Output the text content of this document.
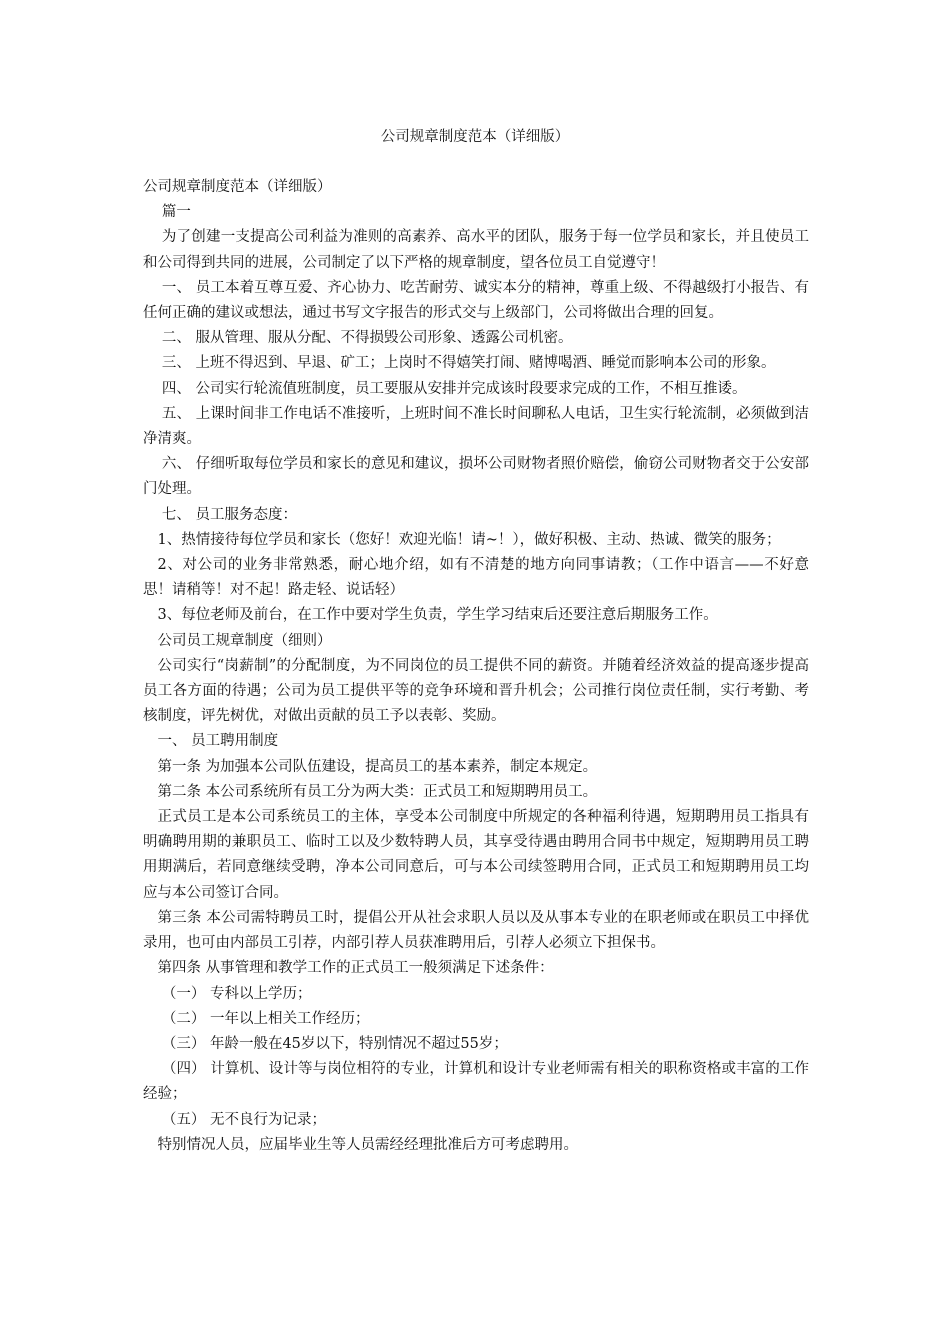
公司规章制度范本（详细版）

公司规章制度范本（详细版）

篇一

为了创建一支提高公司利益为准则的高素养、高水平的团队，服务于每一位学员和家长，并且使员工和公司得到共同的进展，公司制定了以下严格的规章制度，望各位员工自觉遵守！

一、 员工本着互尊互爱、齐心协力、吃苦耐劳、诚实本分的精神，尊重上级、不得越级打小报告、有任何正确的建议或想法，通过书写文字报告的形式交与上级部门，公司将做出合理的回复。

二、 服从管理、服从分配、不得损毁公司形象、透露公司机密。

三、 上班不得迟到、早退、矿工；上岗时不得嬉笑打闹、赌博喝酒、睡觉而影响本公司的形象。

四、 公司实行轮流值班制度，员工要服从安排并完成该时段要求完成的工作，不相互推诿。

五、 上课时间非工作电话不准接听，上班时间不准长时间聊私人电话，卫生实行轮流制，必须做到洁净清爽。

六、 仔细听取每位学员和家长的意见和建议，损坏公司财物者照价赔偿，偷窃公司财物者交于公安部门处理。

七、 员工服务态度：

1、热情接待每位学员和家长（您好！欢迎光临！请~！），做好积极、主动、热诚、微笑的服务；

2、对公司的业务非常熟悉，耐心地介绍，如有不清楚的地方向同事请教；（工作中语言——不好意思！请稍等！对不起！路走轻、说话轻）

3、每位老师及前台，在工作中要对学生负责，学生学习结束后还要注意后期服务工作。

公司员工规章制度（细则）

公司实行“岗薪制”的分配制度，为不同岗位的员工提供不同的薪资。并随着经济效益的提高逐步提高员工各方面的待遇；公司为员工提供平等的竞争环境和晋升机会；公司推行岗位责任制，实行考勤、考核制度，评先树优，对做出贡献的员工予以表彰、奖励。

一、 员工聘用制度

第一条 为加强本公司队伍建设，提高员工的基本素养，制定本规定。

第二条 本公司系统所有员工分为两大类：正式员工和短期聘用员工。

正式员工是本公司系统员工的主体，享受本公司制度中所规定的各种福利待遇，短期聘用员工指具有明确聘用期的兼职员工、临时工以及少数特聘人员，其享受待遇由聘用合同书中规定，短期聘用员工聘用期满后，若同意继续受聘，净本公司同意后，可与本公司续签聘用合同，正式员工和短期聘用员工均应与本公司签订合同。

第三条 本公司需特聘员工时，提倡公开从社会求职人员以及从事本专业的在职老师或在职员工中择优录用，也可由内部员工引荐，内部引荐人员获准聘用后，引荐人必须立下担保书。

第四条 从事管理和教学工作的正式员工一般须满足下述条件：

（一） 专科以上学历；

（二） 一年以上相关工作经历；

（三） 年龄一般在45岁以下，特别情况不超过55岁；

（四） 计算机、设计等与岗位相符的专业，计算机和设计专业老师需有相关的职称资格或丰富的工作经验；

（五） 无不良行为记录；

特别情况人员，应届毕业生等人员需经经理批准后方可考虑聘用。
